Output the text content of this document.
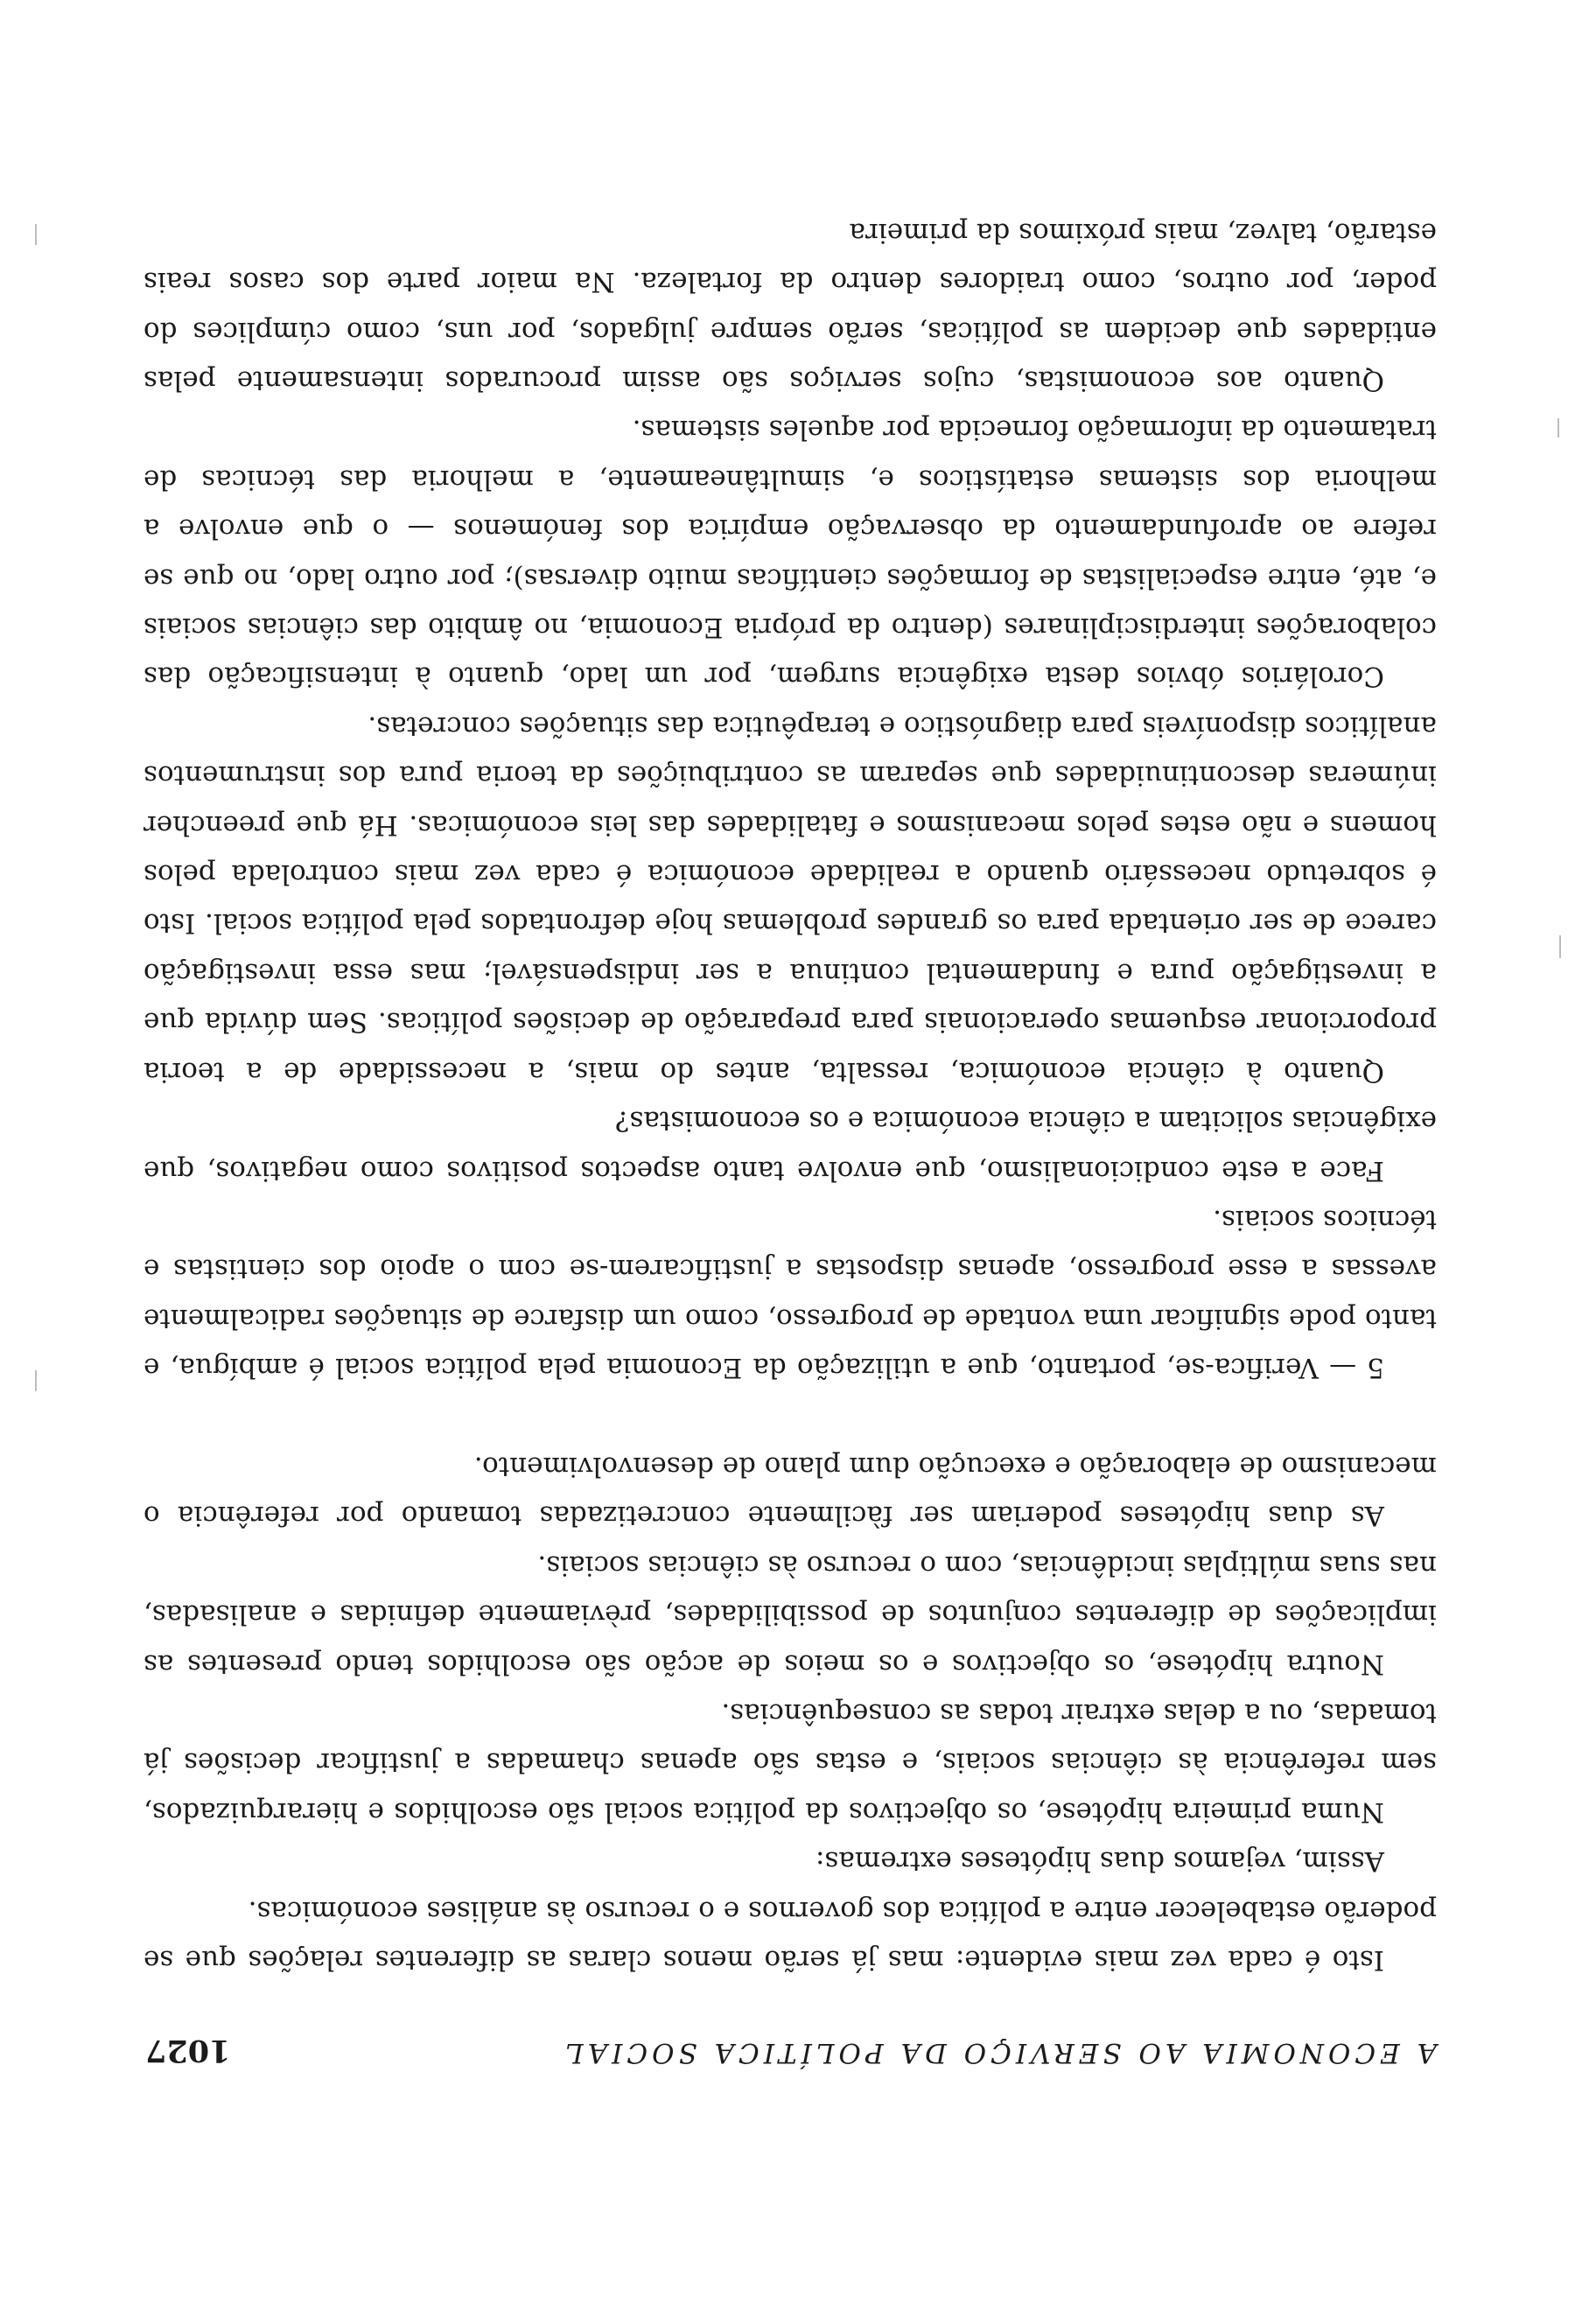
A ECONOMIA AO SERVIÇO DA POLÍTICA SOCIAL
1027

Isto é cada vez mais evidente: mas já serão menos claras as diferentes relações que se poderão estabelecer entre a política dos governos e o recurso às análises económicas.

Assim, vejamos duas hipóteses extremas:

Numa primeira hipótese, os objectivos da política social são escolhidos e hierarquizados, sem referência às ciências sociais, e estas são apenas chamadas a justificar decisões já tomadas, ou a delas extrair todas as consequências.

Noutra hipótese, os objectivos e os meios de acção são escolhidos tendo presentes as implicações de diferentes conjuntos de possibilidades, prèviamente definidas e analisadas, nas suas múltiplas incidências, com o recurso às ciências sociais.

As duas hipóteses poderiam ser fàcilmente concretizadas tomando por referência o mecanismo de elaboração e execução dum plano de desenvolvimento.

5 — Verifica-se, portanto, que a utilização da Economia pela política social é ambígua, e tanto pode significar uma vontade de progresso, como um disfarce de situações radicalmente avessas a esse progresso, apenas dispostas a justificarem-se com o apoio dos cientistas e técnicos sociais.

Face a este condicionalismo, que envolve tanto aspectos positivos como negativos, que exigências solicitam a ciência económica e os economistas?

Quanto à ciência económica, ressalta, antes do mais, a necessidade de a teoria proporcionar esquemas operacionais para preparação de decisões políticas. Sem dúvida que a investigação pura e fundamental continua a ser indispensável; mas essa investigação carece de ser orientada para os grandes problemas hoje defrontados pela política social. Isto é sobretudo necessário quando a realidade económica é cada vez mais controlada pelos homens e não estes pelos mecanismos e fatalidades das leis económicas. Há que preencher inúmeras descontinuidades que separam as contribuições da teoria pura dos instrumentos analíticos disponíveis para diagnóstico e terapêutica das situações concretas.

Corolários óbvios desta exigência surgem, por um lado, quanto à intensificação das colaborações interdisciplinares (dentro da própria Economia, no âmbito das ciências sociais e, até, entre especialistas de formações científicas muito diversas); por outro lado, no que se refere ao aprofundamento da observação empírica dos fenómenos — o que envolve a melhoria dos sistemas estatísticos e, simultâneamente, a melhoria das técnicas de tratamento da informação fornecida por aqueles sistemas.

Quanto aos economistas, cujos serviços são assim procurados intensamente pelas entidades que decidem as políticas, serão sempre julgados, por uns, como cúmplices do poder, por outros, como traidores dentro da fortaleza. Na maior parte dos casos reais estarão, talvez, mais próximos da primeira
